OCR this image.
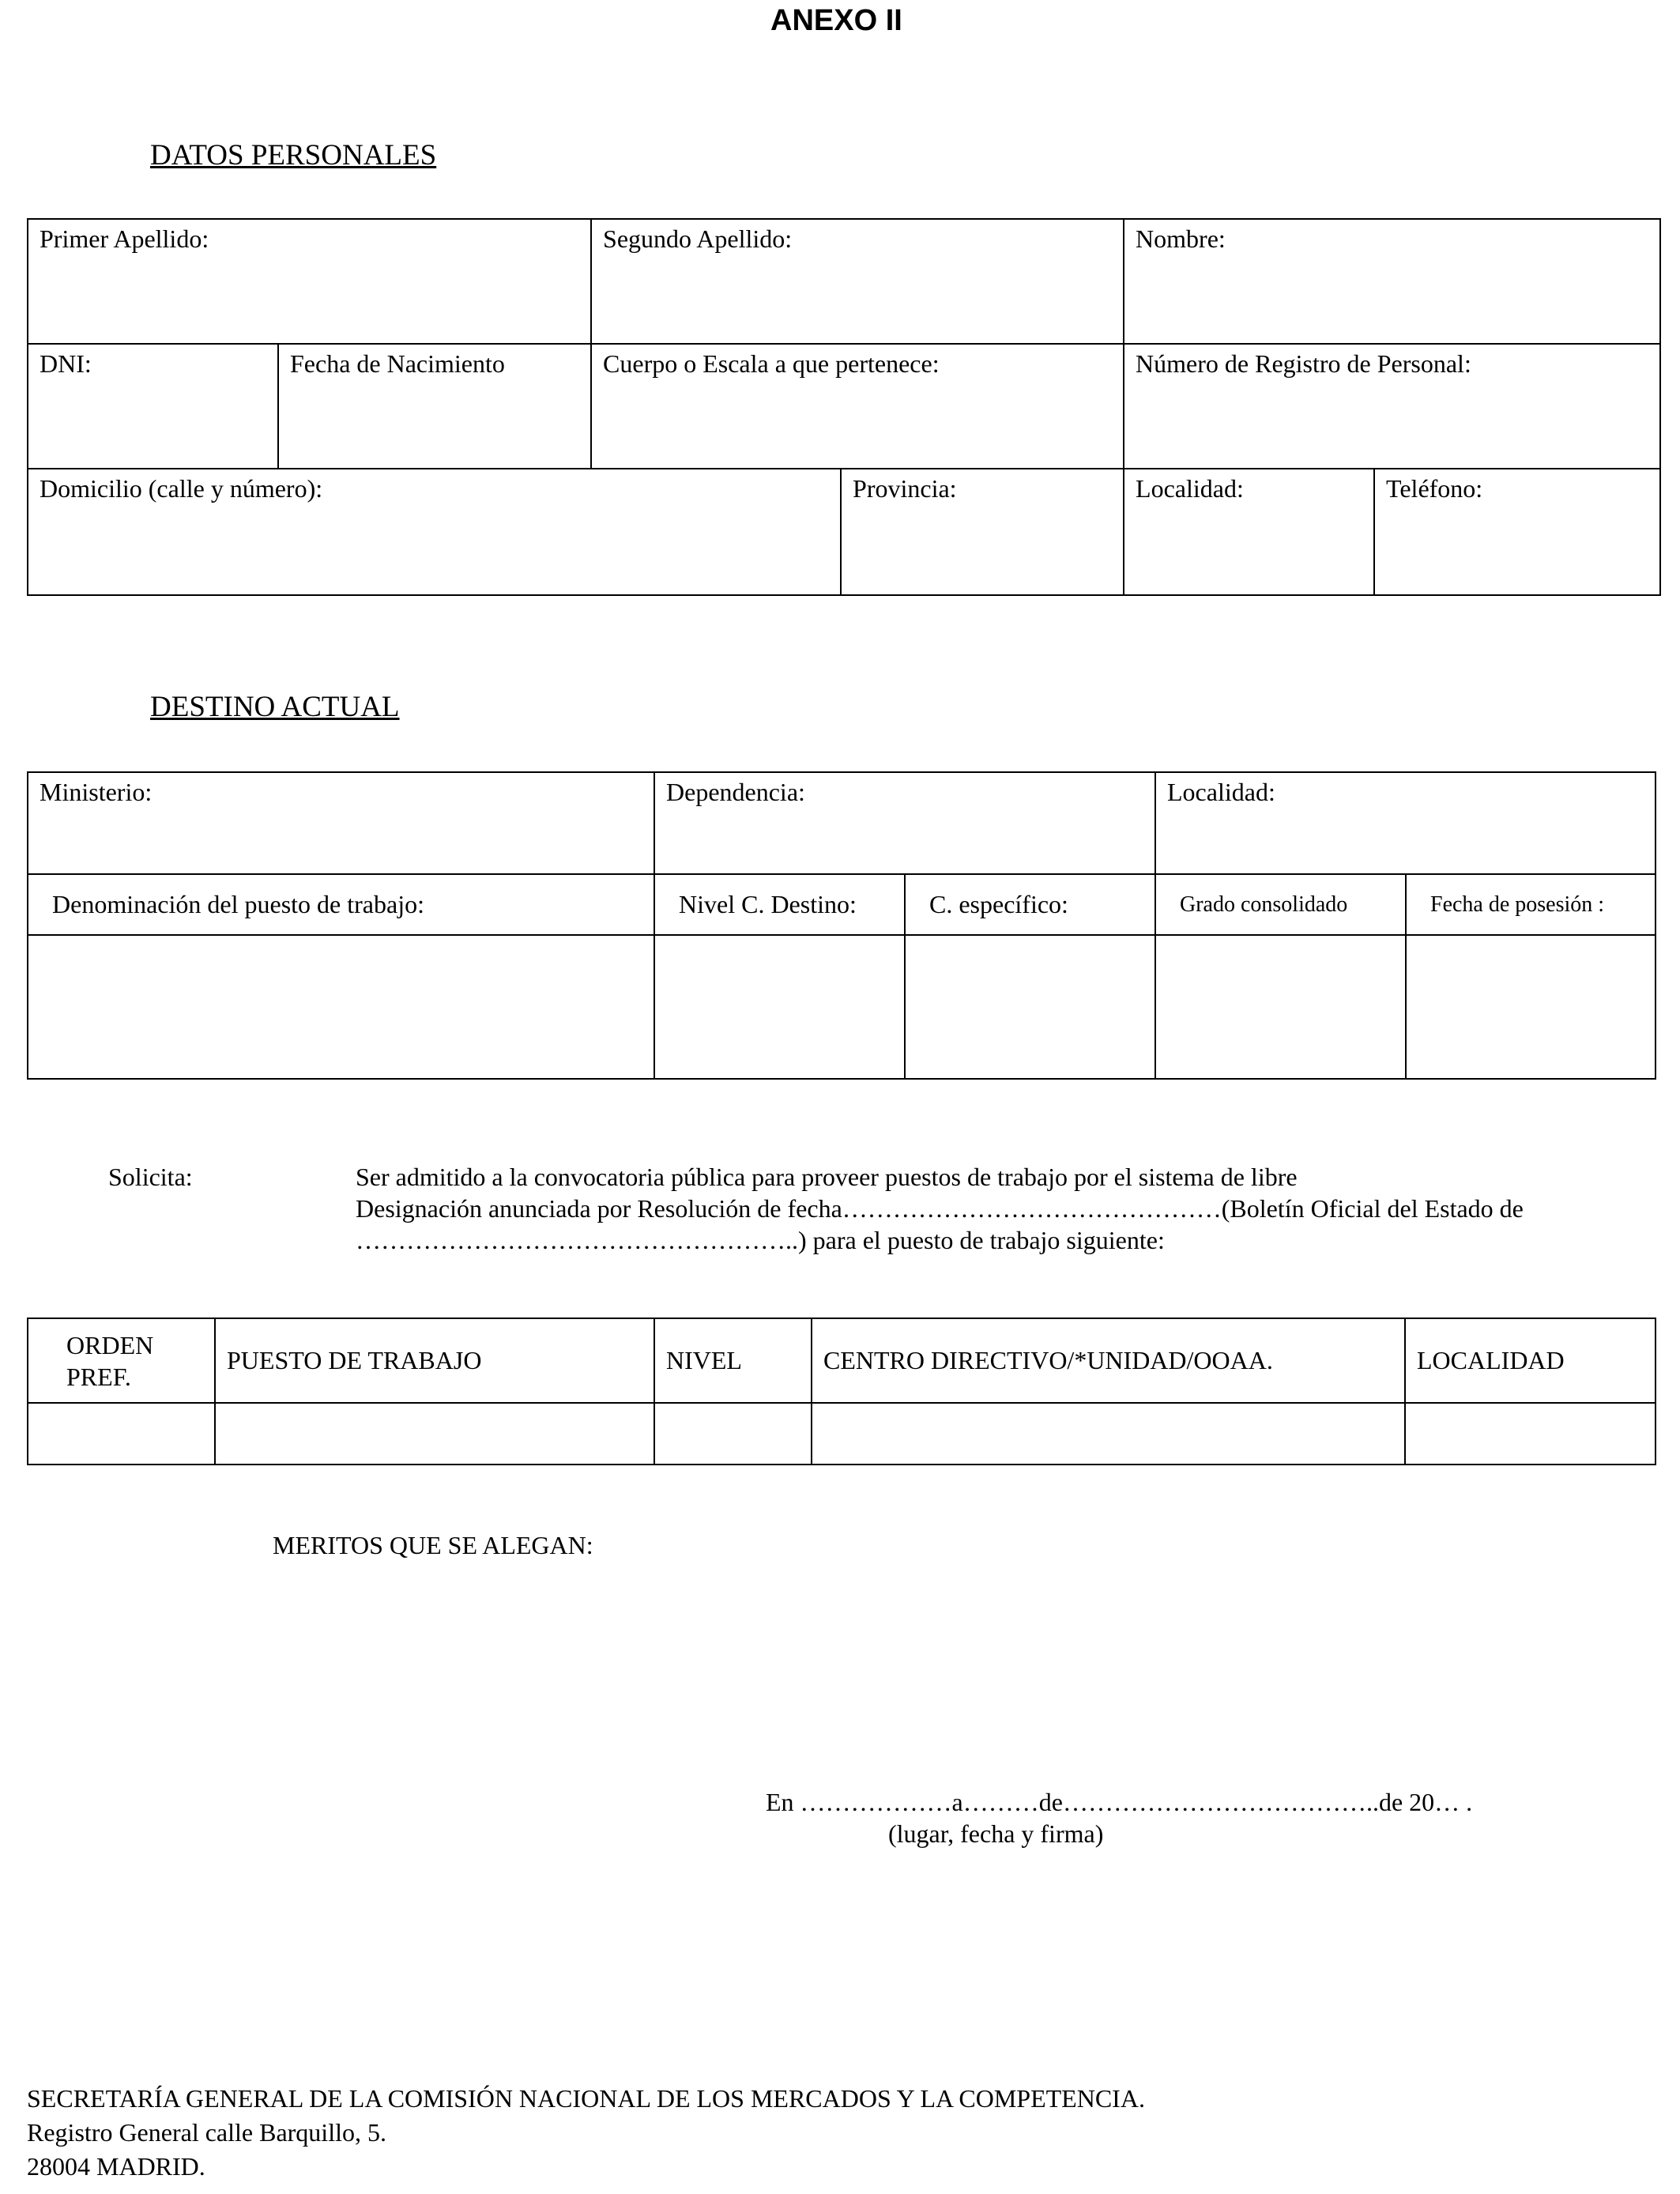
ANEXO II
DATOS PERSONALES
Primer Apellido:		Segundo Apellido:		Nombre:	

DNI:	Fecha de Nacimiento	Cuerpo o Escala a que pertenece:		Número de Registro de Personal:	

Domicilio (calle y número):			Provincia:	Localidad:	Teléfono:
DESTINO ACTUAL
Ministerio:	Dependencia:		Localidad:	

Denominación del puesto de trabajo:	Nivel C. Destino:	C. específico:	Grado consolidado	Fecha de posesión :

Solicita:	Ser admitido a la convocatoria pública para proveer puestos de trabajo por el sistema de libre
Designación anunciada por Resolución de fecha………………………………………(Boletín Oficial del Estado de
……………………………………………..) para el puesto de trabajo siguiente:
ORDEN
PREF.	PUESTO DE TRABAJO	NIVEL	CENTRO DIRECTIVO/*UNIDAD/OOAA.	LOCALIDAD

MERITOS QUE SE ALEGAN:
En ………………a………de………………………………..de 20… .
(lugar, fecha y firma)
SECRETARÍA GENERAL DE LA COMISIÓN NACIONAL DE LOS MERCADOS Y LA COMPETENCIA.
Registro General calle Barquillo, 5.
28004 MADRID.
